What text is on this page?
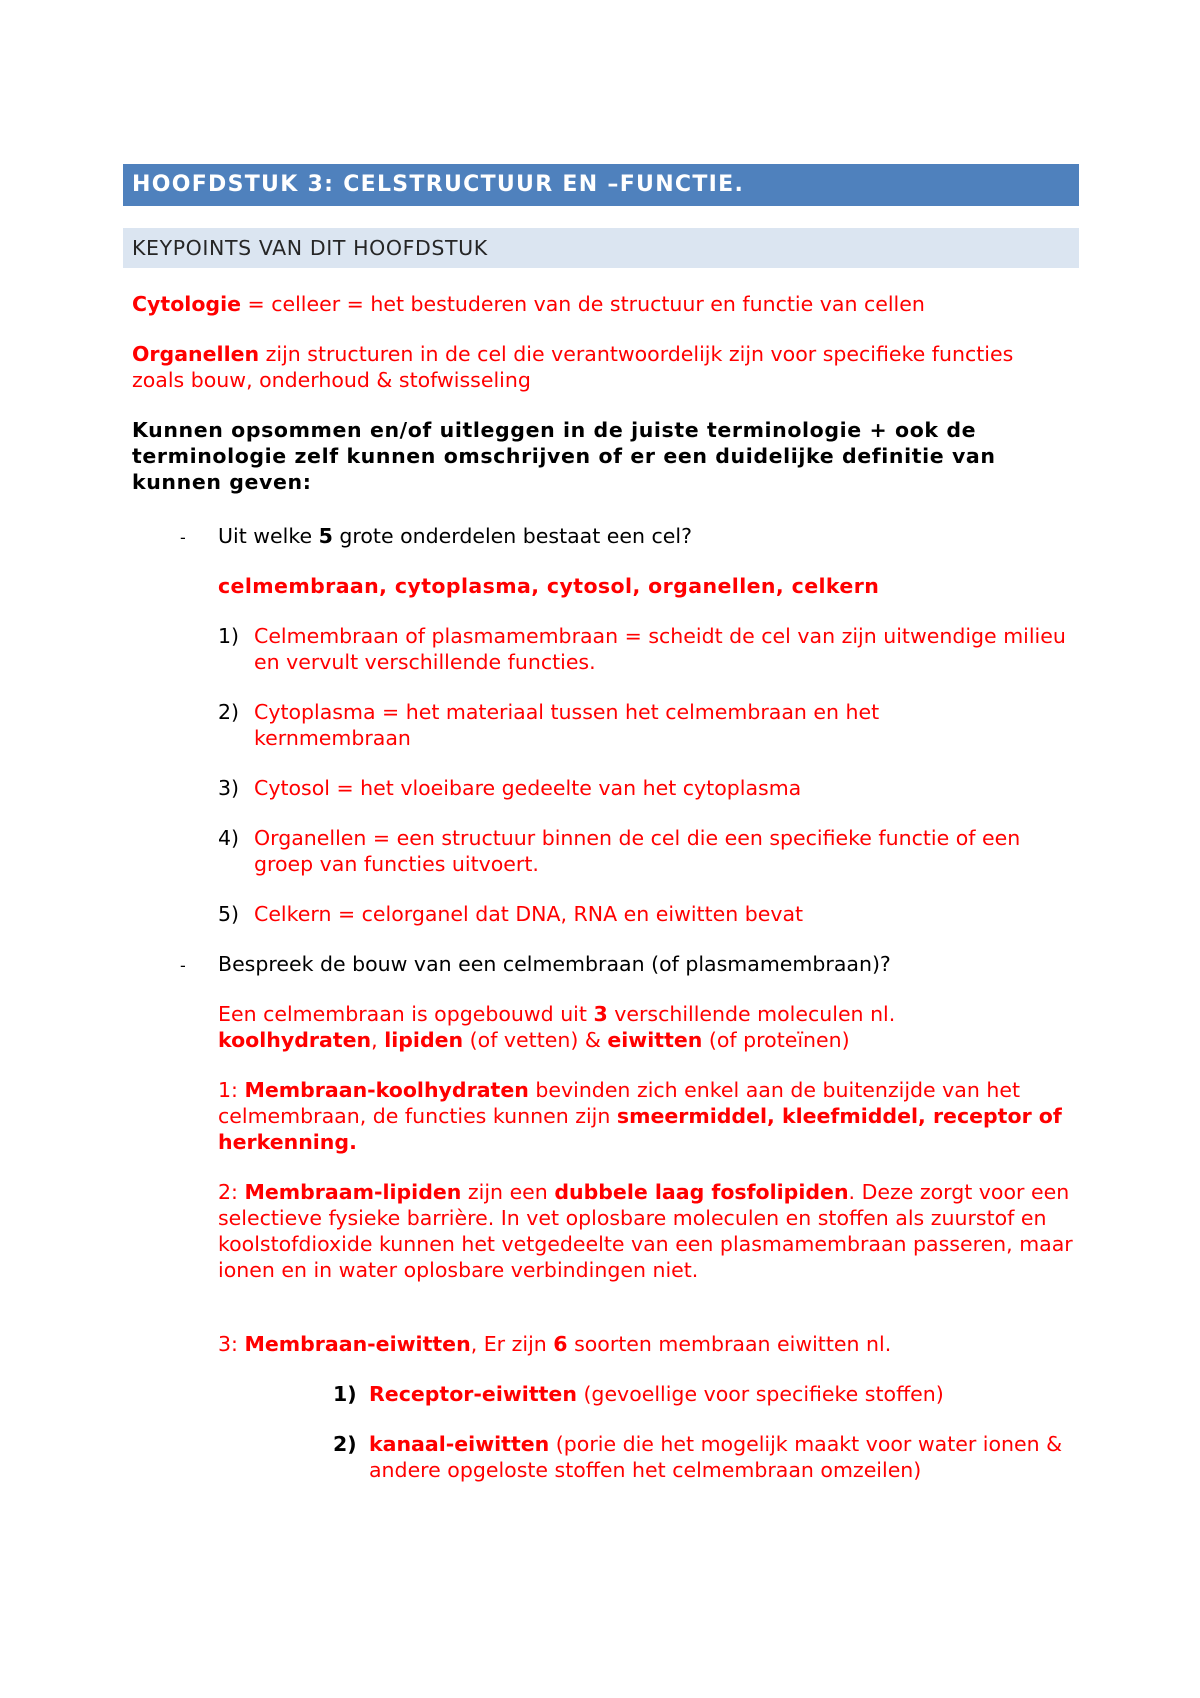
HOOFDSTUK 3: CELSTRUCTUUR EN –FUNCTIE.
KEYPOINTS VAN DIT HOOFDSTUK

Cytologie = celleer = het bestuderen van de structuur en functie van cellen

Organellen zijn structuren in de cel die verantwoordelijk zijn voor specifieke functies zoals bouw, onderhoud & stofwisseling

Kunnen opsommen en/of uitleggen in de juiste terminologie + ook de terminologie zelf kunnen omschrijven of er een duidelijke definitie van kunnen geven:

- Uit welke 5 grote onderdelen bestaat een cel?

celmembraan, cytoplasma, cytosol, organellen, celkern

1) Celmembraan of plasmamembraan = scheidt de cel van zijn uitwendige milieu en vervult verschillende functies.

2) Cytoplasma = het materiaal tussen het celmembraan en het kernmembraan

3) Cytosol = het vloeibare gedeelte van het cytoplasma

4) Organellen = een structuur binnen de cel die een specifieke functie of een groep van functies uitvoert.

5) Celkern = celorganel dat DNA, RNA en eiwitten bevat

- Bespreek de bouw van een celmembraan (of plasmamembraan)?

Een celmembraan is opgebouwd uit 3 verschillende moleculen nl.
koolhydraten, lipiden (of vetten) & eiwitten (of proteïnen)

1: Membraan-koolhydraten bevinden zich enkel aan de buitenzijde van het celmembraan, de functies kunnen zijn smeermiddel, kleefmiddel, receptor of herkenning.

2: Membraam-lipiden zijn een dubbele laag fosfolipiden. Deze zorgt voor een selectieve fysieke barrière. In vet oplosbare moleculen en stoffen als zuurstof en koolstofdioxide kunnen het vetgedeelte van een plasmamembraan passeren, maar ionen en in water oplosbare verbindingen niet.

3: Membraan-eiwitten, Er zijn 6 soorten membraan eiwitten nl.

1) Receptor-eiwitten (gevoellige voor specifieke stoffen)

2) kanaal-eiwitten (porie die het mogelijk maakt voor water ionen & andere opgeloste stoffen het celmembraan omzeilen)
